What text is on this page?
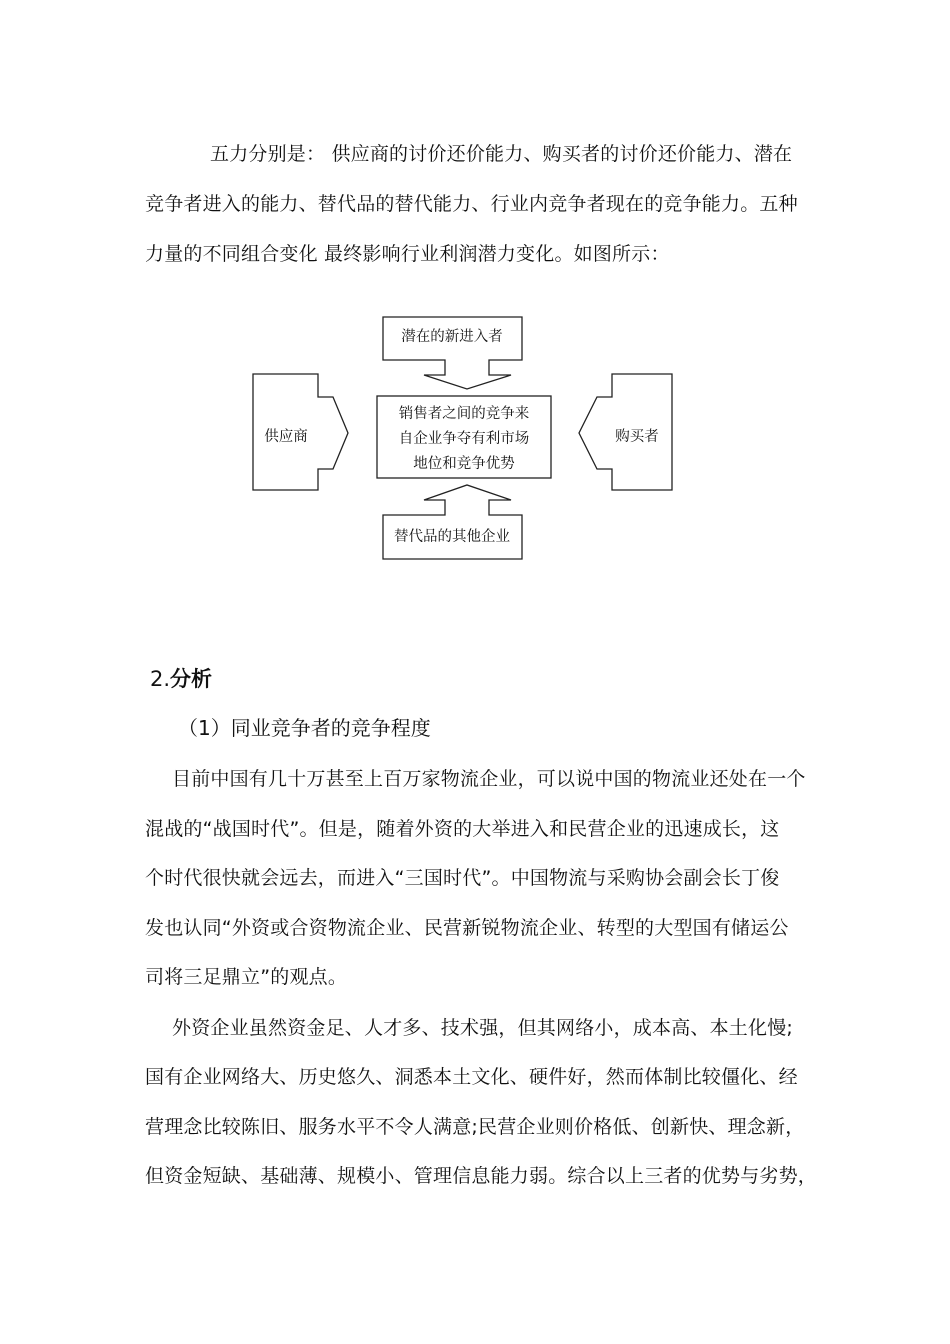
五力分别是： 供应商的讨价还价能力、购买者的讨价还价能力、潜在
竞争者进入的能力、替代品的替代能力、行业内竞争者现在的竞争能力。五种
力量的不同组合变化 最终影响行业利润潜力变化。如图所示：
潜在的新进入者
替代品的其他企业
供应商	购买者
销售者之间的竞争来
自企业争夺有利市场
地位和竞争优势
2.分析
（1）同业竞争者的竞争程度
目前中国有几十万甚至上百万家物流企业，可以说中国的物流业还处在一个
混战的“战国时代”。但是，随着外资的大举进入和民营企业的迅速成长，这
个时代很快就会远去，而进入“三国时代”。中国物流与采购协会副会长丁俊
发也认同“外资或合资物流企业、民营新锐物流企业、转型的大型国有储运公
司将三足鼎立”的观点。
外资企业虽然资金足、人才多、技术强，但其网络小，成本高、本土化慢;
国有企业网络大、历史悠久、洞悉本土文化、硬件好，然而体制比较僵化、经
营理念比较陈旧、服务水平不令人满意;民营企业则价格低、创新快、理念新，
但资金短缺、基础薄、规模小、管理信息能力弱。综合以上三者的优势与劣势，
